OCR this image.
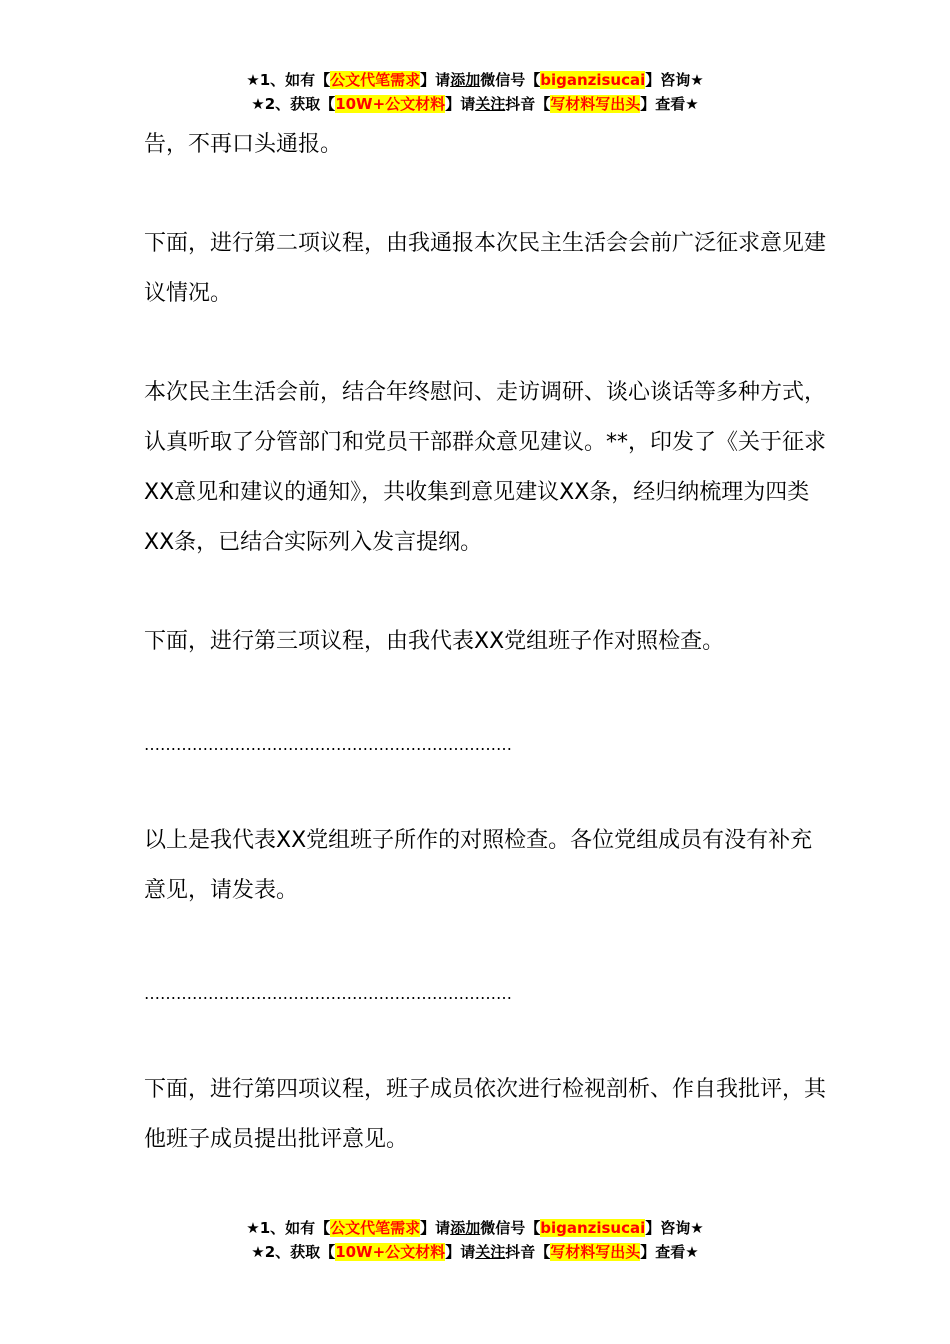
★1、如有【公文代笔需求】请添加微信号【biganzisucai】咨询★
★2、获取【10W+公文材料】请关注抖音【写材料写出头】查看★

告，不再口头通报。

下面，进行第二项议程，由我通报本次民主生活会会前广泛征求意见建议情况。

本次民主生活会前，结合年终慰问、走访调研、谈心谈话等多种方式，认真听取了分管部门和党员干部群众意见建议。**，印发了《关于征求XX意见和建议的通知》，共收集到意见建议XX条，经归纳梳理为四类XX条，已结合实际列入发言提纲。

下面，进行第三项议程，由我代表XX党组班子作对照检查。

……………………………………………………………

以上是我代表XX党组班子所作的对照检查。各位党组成员有没有补充意见，请发表。

……………………………………………………………

下面，进行第四项议程，班子成员依次进行检视剖析、作自我批评，其他班子成员提出批评意见。

★1、如有【公文代笔需求】请添加微信号【biganzisucai】咨询★
★2、获取【10W+公文材料】请关注抖音【写材料写出头】查看★
